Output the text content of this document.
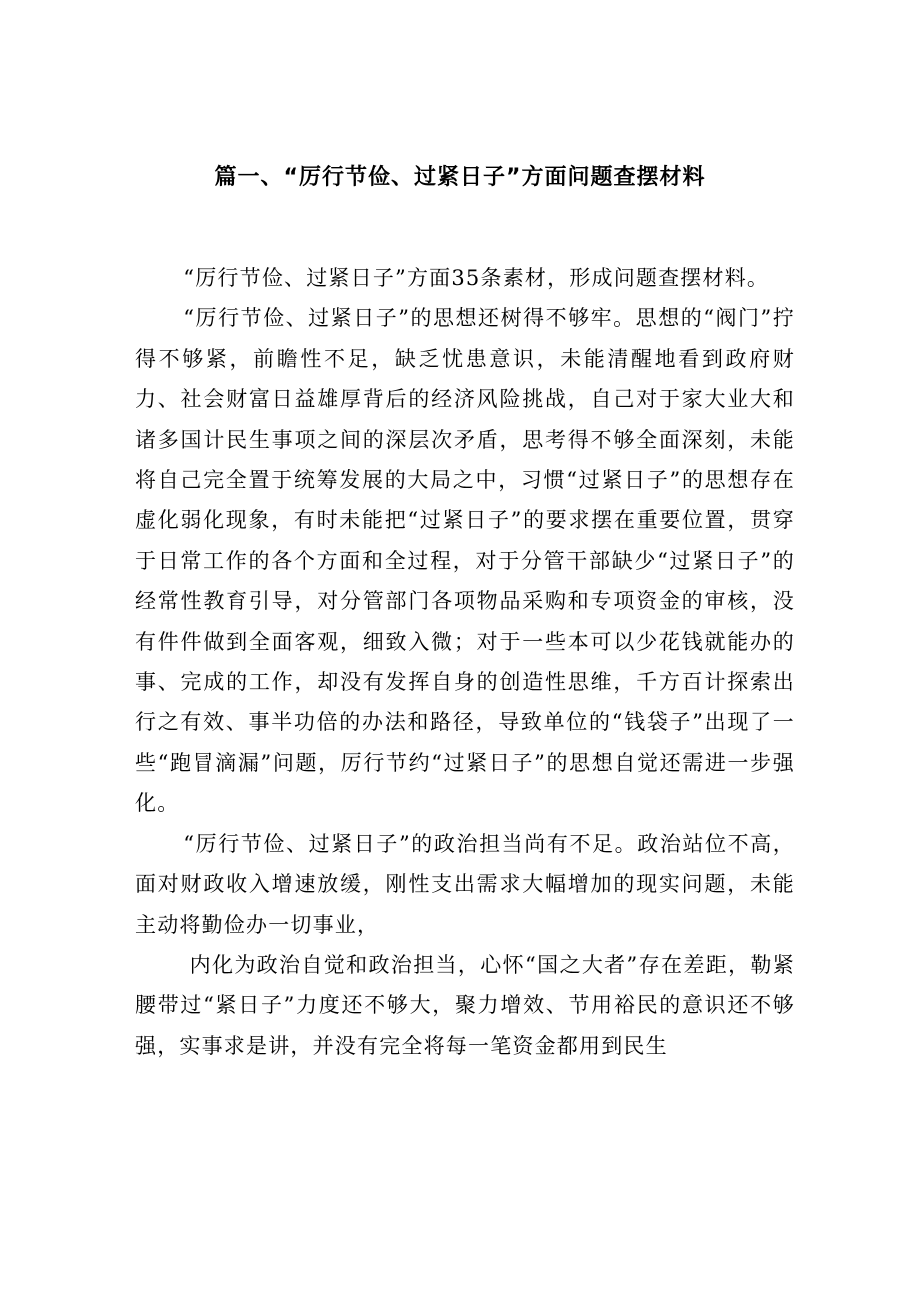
篇一、“厉行节俭、过紧日子”方面问题查摆材料

“厉行节俭、过紧日子”方面35条素材，形成问题查摆材料。

“厉行节俭、过紧日子”的思想还树得不够牢。思想的“阀门”拧得不够紧，前瞻性不足，缺乏忧患意识，未能清醒地看到政府财力、社会财富日益雄厚背后的经济风险挑战，自己对于家大业大和诸多国计民生事项之间的深层次矛盾，思考得不够全面深刻，未能将自己完全置于统筹发展的大局之中，习惯“过紧日子”的思想存在虚化弱化现象，有时未能把“过紧日子”的要求摆在重要位置，贯穿于日常工作的各个方面和全过程，对于分管干部缺少“过紧日子”的经常性教育引导，对分管部门各项物品采购和专项资金的审核，没有件件做到全面客观，细致入微；对于一些本可以少花钱就能办的事、完成的工作，却没有发挥自身的创造性思维，千方百计探索出行之有效、事半功倍的办法和路径，导致单位的“钱袋子”出现了一些“跑冒滴漏”问题，厉行节约“过紧日子”的思想自觉还需进一步强化。

“厉行节俭、过紧日子”的政治担当尚有不足。政治站位不高，面对财政收入增速放缓，刚性支出需求大幅增加的现实问题，未能主动将勤俭办一切事业，

内化为政治自觉和政治担当，心怀“国之大者”存在差距，勒紧腰带过“紧日子”力度还不够大，聚力增效、节用裕民的意识还不够强，实事求是讲，并没有完全将每一笔资金都用到民生
